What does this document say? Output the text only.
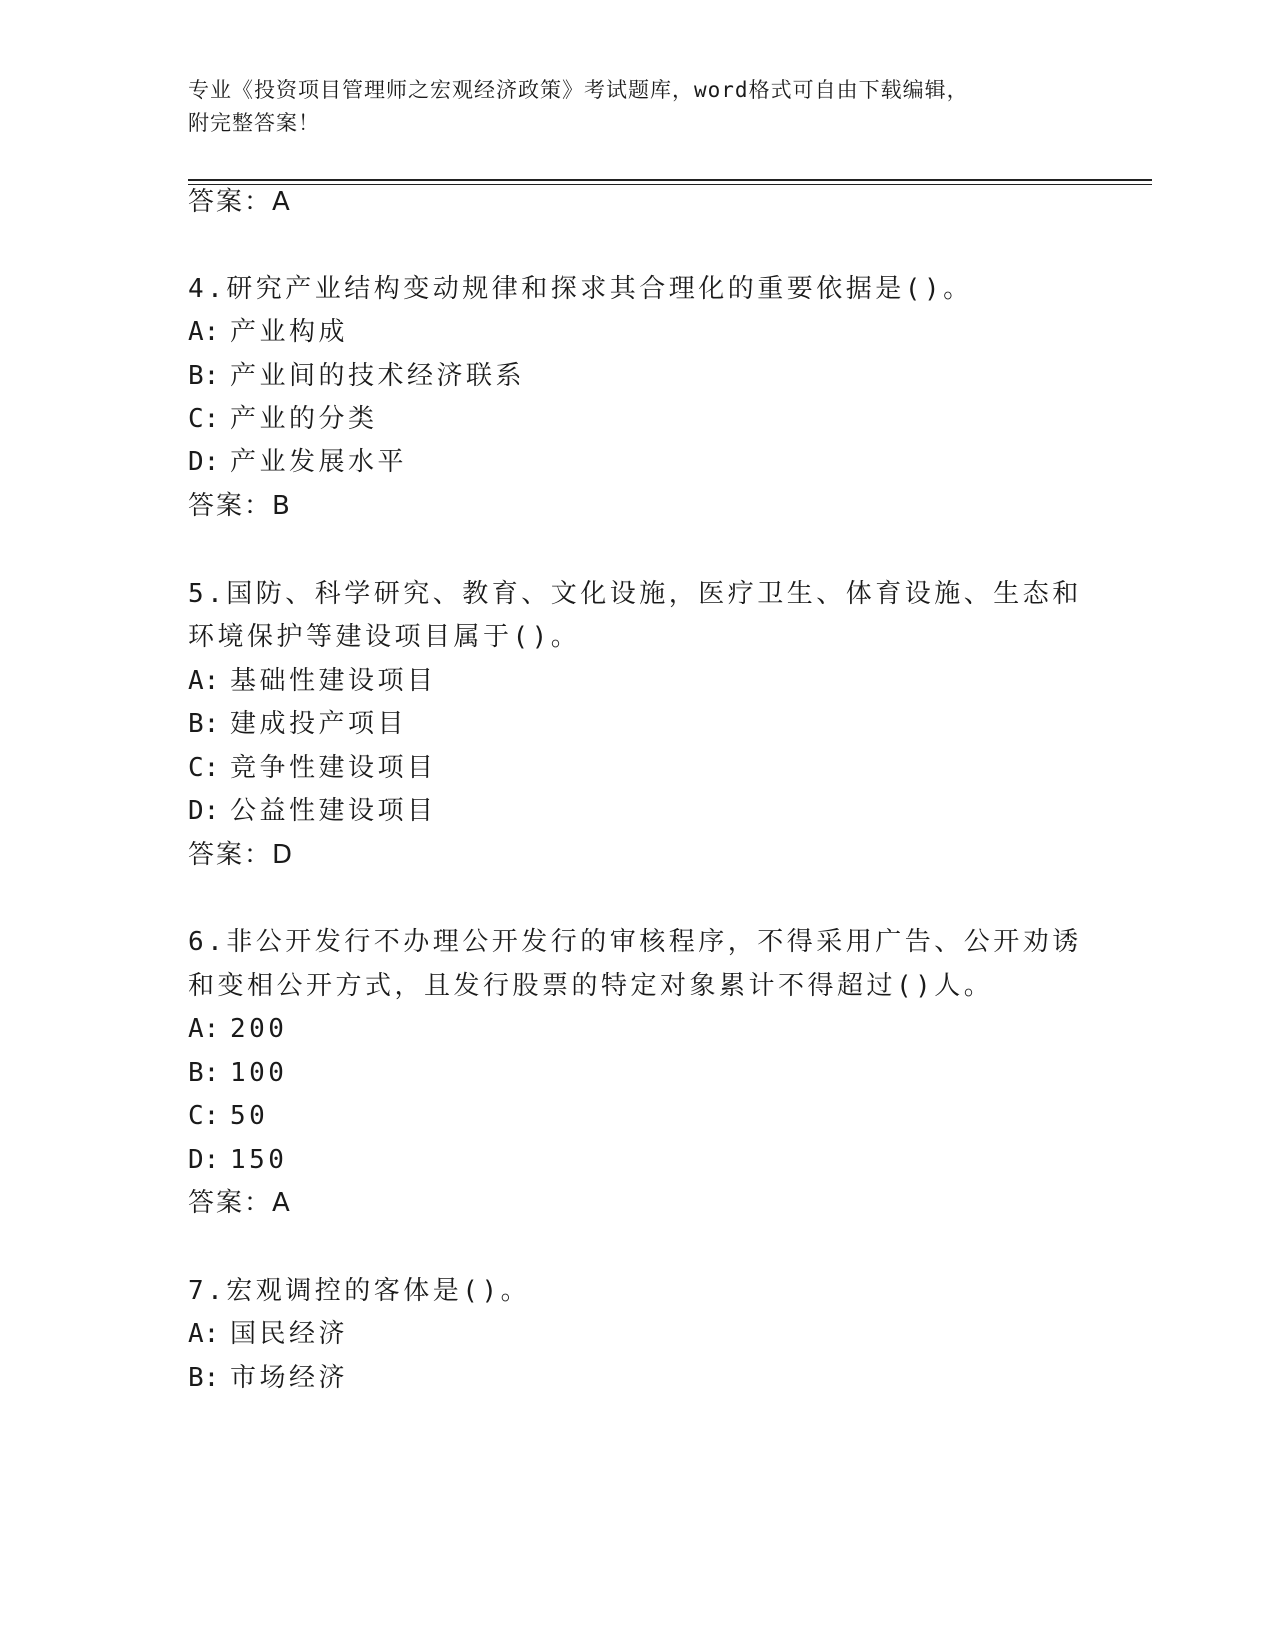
专业《投资项目管理师之宏观经济政策》考试题库，word格式可自由下载编辑，
附完整答案！
答案：A
4.研究产业结构变动规律和探求其合理化的重要依据是()。
A: 产业构成
B: 产业间的技术经济联系
C: 产业的分类
D: 产业发展水平
答案：B
5.国防、科学研究、教育、文化设施，医疗卫生、体育设施、生态和
环境保护等建设项目属于()。
A: 基础性建设项目
B: 建成投产项目
C: 竞争性建设项目
D: 公益性建设项目
答案：D
6.非公开发行不办理公开发行的审核程序，不得采用广告、公开劝诱
和变相公开方式，且发行股票的特定对象累计不得超过()人。
A: 200
B: 100
C: 50
D: 150
答案：A
7.宏观调控的客体是()。
A: 国民经济
B: 市场经济
